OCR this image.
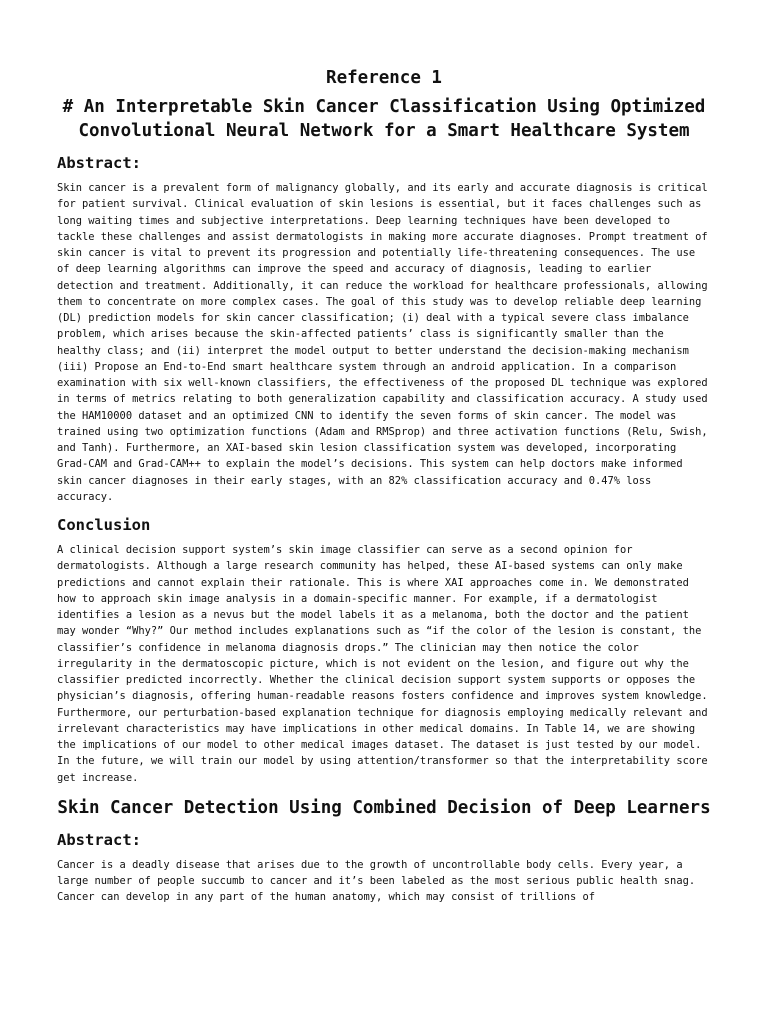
Reference 1
# An Interpretable Skin Cancer Classification Using Optimized Convolutional Neural Network for a Smart Healthcare System
Abstract:

Skin cancer is a prevalent form of malignancy globally, and its early and accurate diagnosis is critical for patient survival. Clinical evaluation of skin lesions is essential, but it faces challenges such as long waiting times and subjective interpretations. Deep learning techniques have been developed to tackle these challenges and assist dermatologists in making more accurate diagnoses. Prompt treatment of skin cancer is vital to prevent its progression and potentially life-threatening consequences. The use of deep learning algorithms can improve the speed and accuracy of diagnosis, leading to earlier detection and treatment. Additionally, it can reduce the workload for healthcare professionals, allowing them to concentrate on more complex cases. The goal of this study was to develop reliable deep learning (DL) prediction models for skin cancer classification; (i) deal with a typical severe class imbalance problem, which arises because the skin-affected patients’ class is significantly smaller than the healthy class; and (ii) interpret the model output to better understand the decision-making mechanism (iii) Propose an End-to-End smart healthcare system through an android application. In a comparison examination with six well-known classifiers, the effectiveness of the proposed DL technique was explored in terms of metrics relating to both generalization capability and classification accuracy. A study used the HAM10000 dataset and an optimized CNN to identify the seven forms of skin cancer. The model was trained using two optimization functions (Adam and RMSprop) and three activation functions (Relu, Swish, and Tanh). Furthermore, an XAI-based skin lesion classification system was developed, incorporating Grad-CAM and Grad-CAM++ to explain the model’s decisions. This system can help doctors make informed skin cancer diagnoses in their early stages, with an 82% classification accuracy and 0.47% loss accuracy.

Conclusion

A clinical decision support system’s skin image classifier can serve as a second opinion for dermatologists. Although a large research community has helped, these AI-based systems can only make predictions and cannot explain their rationale. This is where XAI approaches come in. We demonstrated how to approach skin image analysis in a domain-specific manner. For example, if a dermatologist identifies a lesion as a nevus but the model labels it as a melanoma, both the doctor and the patient may wonder “Why?” Our method includes explanations such as “if the color of the lesion is constant, the classifier’s confidence in melanoma diagnosis drops.” The clinician may then notice the color irregularity in the dermatoscopic picture, which is not evident on the lesion, and figure out why the classifier predicted incorrectly. Whether the clinical decision support system supports or opposes the physician’s diagnosis, offering human-readable reasons fosters confidence and improves system knowledge. Furthermore, our perturbation-based explanation technique for diagnosis employing medically relevant and irrelevant characteristics may have implications in other medical domains. In Table 14, we are showing the implications of our model to other medical images dataset. The dataset is just tested by our model. In the future, we will train our model by using attention/transformer so that the interpretability score get increase.

Skin Cancer Detection Using Combined Decision of Deep Learners
Abstract:

Cancer is a deadly disease that arises due to the growth of uncontrollable body cells. Every year, a large number of people succumb to cancer and it’s been labeled as the most serious public health snag. Cancer can develop in any part of the human anatomy, which may consist of trillions of
